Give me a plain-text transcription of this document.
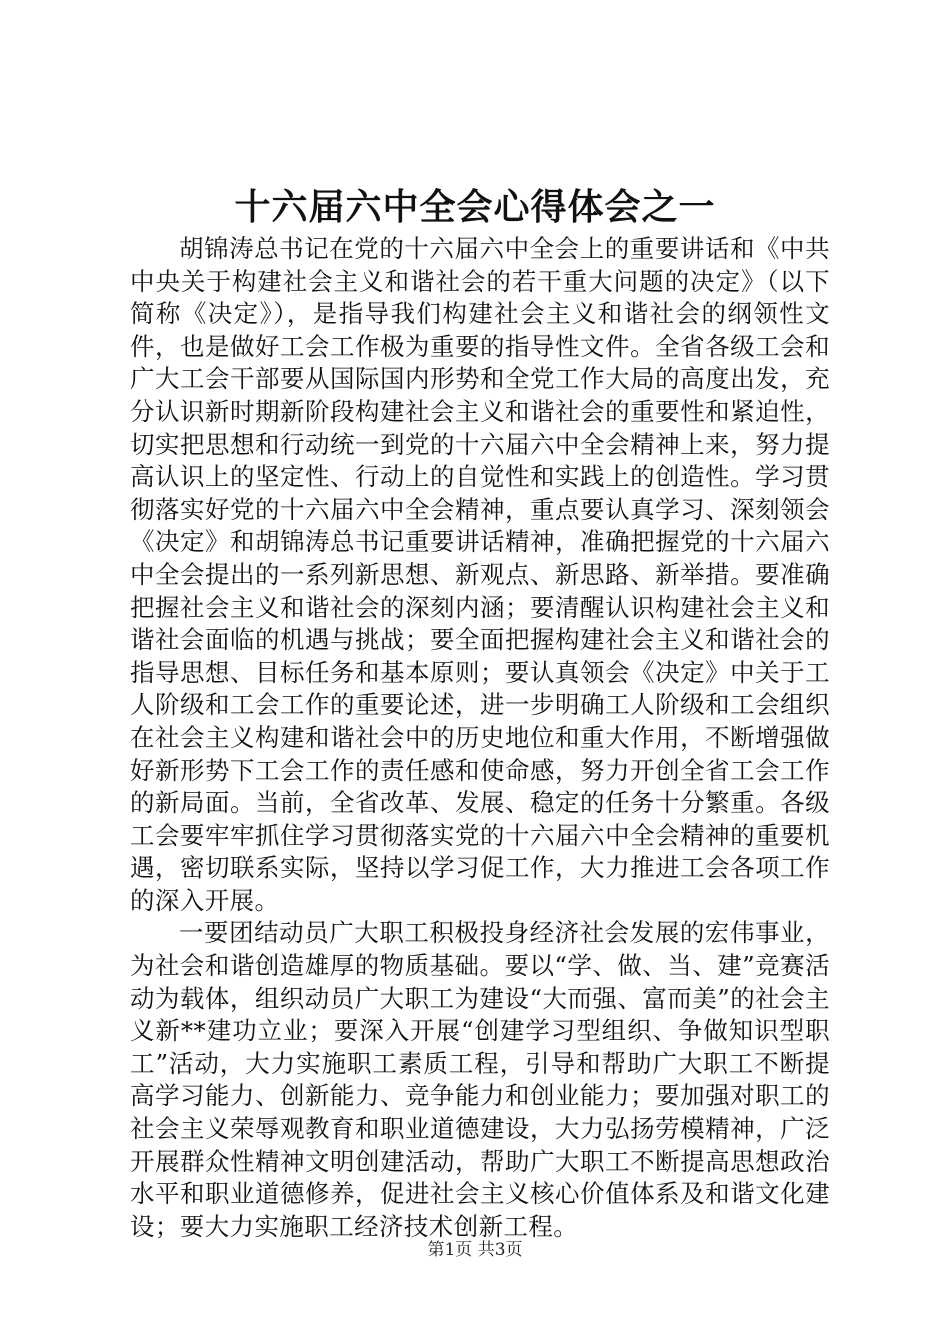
十六届六中全会心得体会之一

胡锦涛总书记在党的十六届六中全会上的重要讲话和《中共中央关于构建社会主义和谐社会的若干重大问题的决定》（以下简称《决定》），是指导我们构建社会主义和谐社会的纲领性文件，也是做好工会工作极为重要的指导性文件。全省各级工会和广大工会干部要从国际国内形势和全党工作大局的高度出发，充分认识新时期新阶段构建社会主义和谐社会的重要性和紧迫性，切实把思想和行动统一到党的十六届六中全会精神上来，努力提高认识上的坚定性、行动上的自觉性和实践上的创造性。学习贯彻落实好党的十六届六中全会精神，重点要认真学习、深刻领会《决定》和胡锦涛总书记重要讲话精神，准确把握党的十六届六中全会提出的一系列新思想、新观点、新思路、新举措。要准确把握社会主义和谐社会的深刻内涵；要清醒认识构建社会主义和谐社会面临的机遇与挑战；要全面把握构建社会主义和谐社会的指导思想、目标任务和基本原则；要认真领会《决定》中关于工人阶级和工会工作的重要论述，进一步明确工人阶级和工会组织在社会主义构建和谐社会中的历史地位和重大作用，不断增强做好新形势下工会工作的责任感和使命感，努力开创全省工会工作的新局面。当前，全省改革、发展、稳定的任务十分繁重。各级工会要牢牢抓住学习贯彻落实党的十六届六中全会精神的重要机遇，密切联系实际，坚持以学习促工作，大力推进工会各项工作的深入开展。

一要团结动员广大职工积极投身经济社会发展的宏伟事业，为社会和谐创造雄厚的物质基础。要以“学、做、当、建”竞赛活动为载体，组织动员广大职工为建设“大而强、富而美”的社会主义新**建功立业；要深入开展“创建学习型组织、争做知识型职工”活动，大力实施职工素质工程，引导和帮助广大职工不断提高学习能力、创新能力、竞争能力和创业能力；要加强对职工的社会主义荣辱观教育和职业道德建设，大力弘扬劳模精神，广泛开展群众性精神文明创建活动，帮助广大职工不断提高思想政治水平和职业道德修养，促进社会主义核心价值体系及和谐文化建设；要大力实施职工经济技术创新工程。

第1页 共3页
